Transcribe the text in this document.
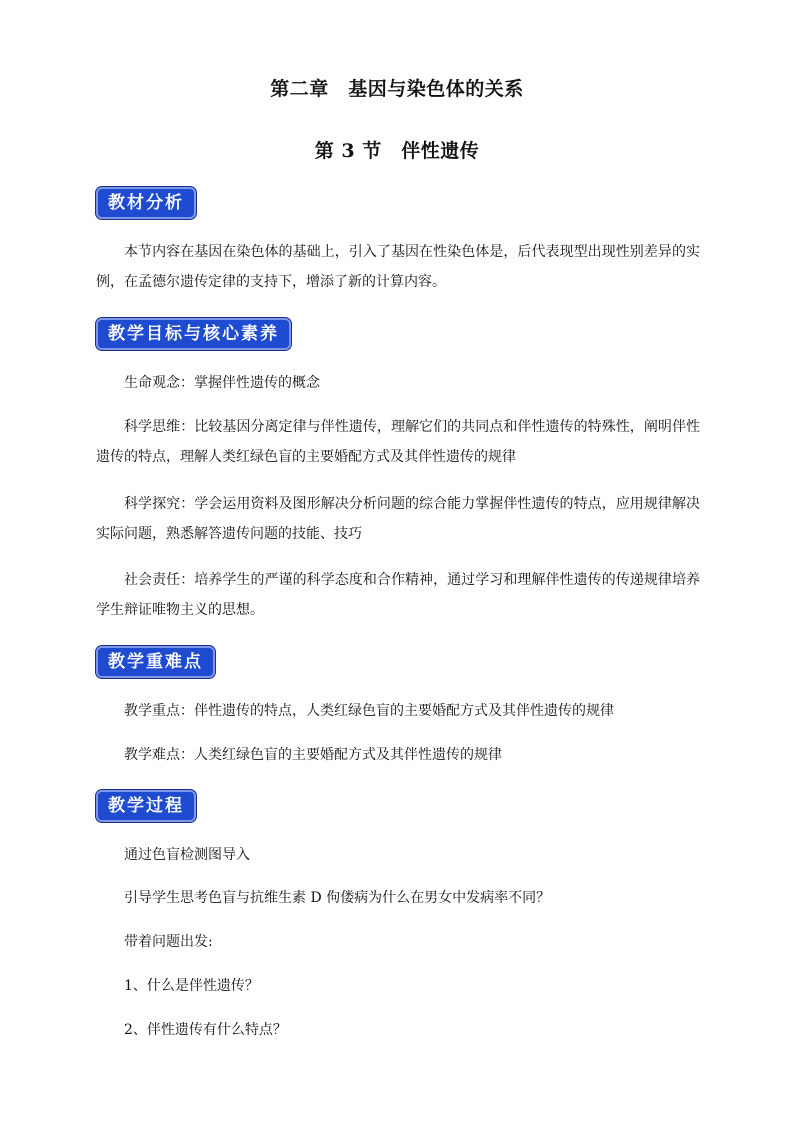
第二章　基因与染色体的关系
第 3 节　伴性遗传
教材分析
本节内容在基因在染色体的基础上，引入了基因在性染色体是，后代表现型出现性别差异的实例，在孟德尔遗传定律的支持下，增添了新的计算内容。
教学目标与核心素养
生命观念：掌握伴性遗传的概念
科学思维：比较基因分离定律与伴性遗传，理解它们的共同点和伴性遗传的特殊性，阐明伴性遗传的特点，理解人类红绿色盲的主要婚配方式及其伴性遗传的规律
科学探究：学会运用资料及图形解决分析问题的综合能力掌握伴性遗传的特点，应用规律解决实际问题，熟悉解答遗传问题的技能、技巧
社会责任：培养学生的严谨的科学态度和合作精神，通过学习和理解伴性遗传的传递规律培养学生辩证唯物主义的思想。
教学重难点
教学重点：伴性遗传的特点，人类红绿色盲的主要婚配方式及其伴性遗传的规律
教学难点：人类红绿色盲的主要婚配方式及其伴性遗传的规律
教学过程
通过色盲检测图导入
引导学生思考色盲与抗维生素 D 佝偻病为什么在男女中发病率不同？
带着问题出发:
1、什么是伴性遗传？
2、伴性遗传有什么特点？
